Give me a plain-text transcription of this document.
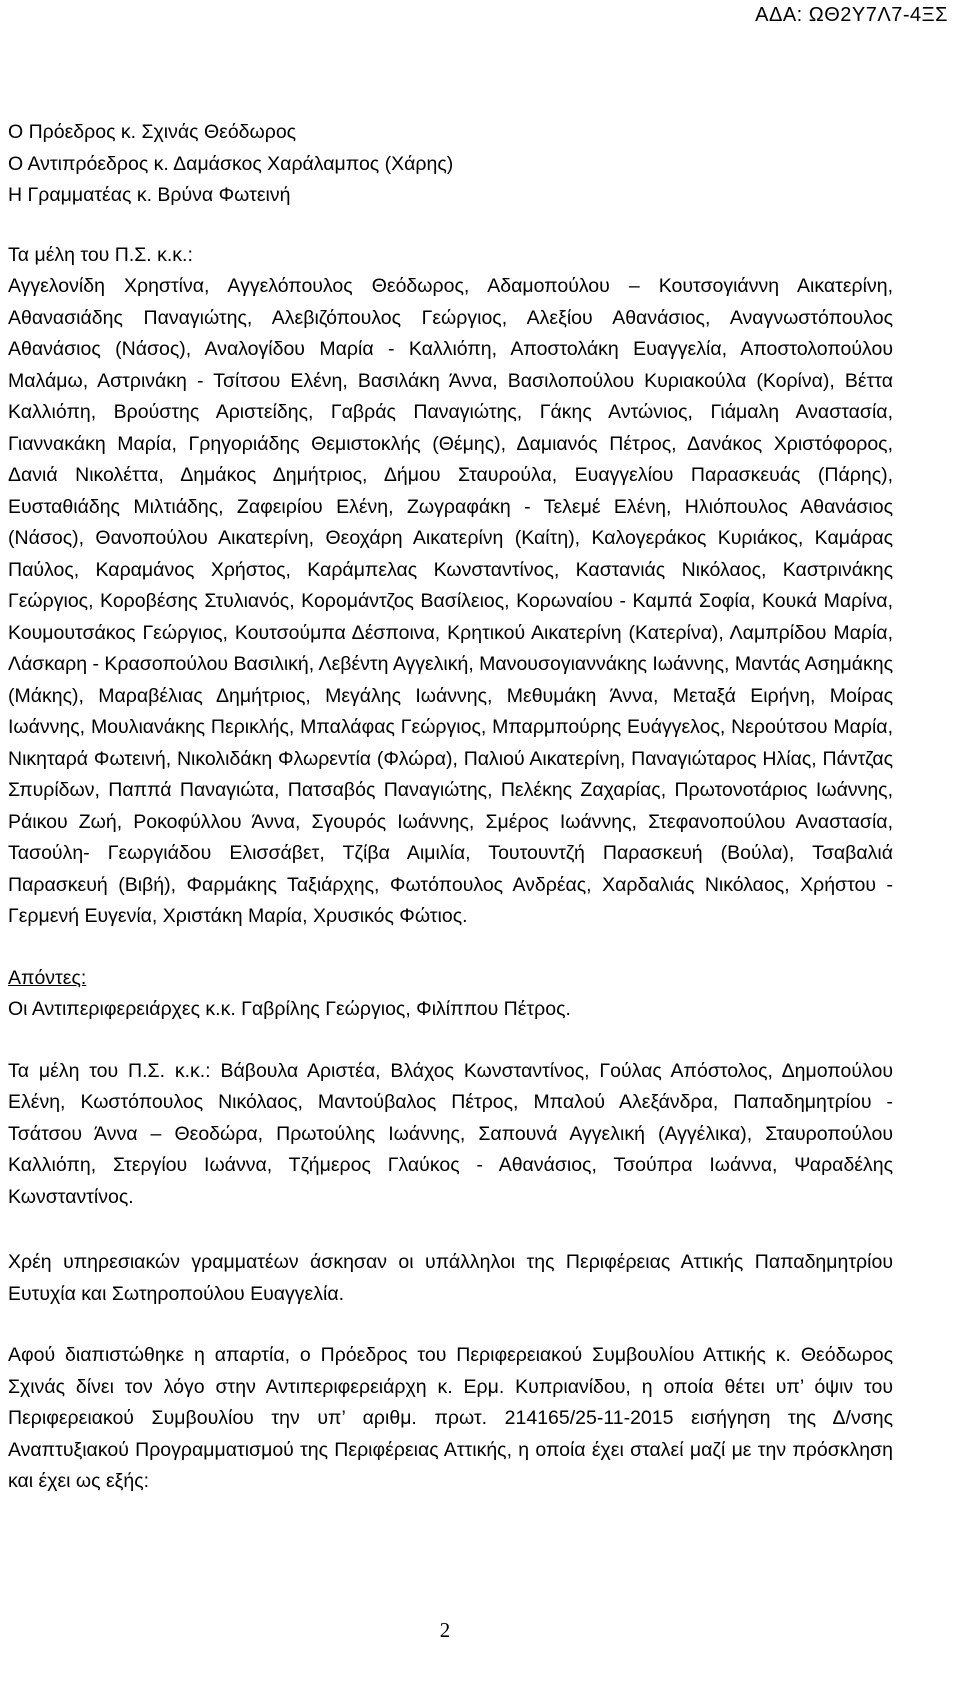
ΑΔΑ: ΩΘ2Υ7Λ7-4ΞΣ

Ο Πρόεδρος κ. Σχινάς Θεόδωρος

Ο Αντιπρόεδρος κ. Δαμάσκος Χαράλαμπος (Χάρης)

Η Γραμματέας κ. Βρύνα Φωτεινή

Τα μέλη του Π.Σ. κ.κ.:

Αγγελονίδη Χρηστίνα, Αγγελόπουλος Θεόδωρος, Αδαμοπούλου – Κουτσογιάννη Αικατερίνη, Αθανασιάδης Παναγιώτης, Αλεβιζόπουλος Γεώργιος, Αλεξίου Αθανάσιος, Αναγνωστόπουλος Αθανάσιος (Νάσος), Αναλογίδου Μαρία - Καλλιόπη, Αποστολάκη Ευαγγελία, Αποστολοπούλου Μαλάμω, Αστρινάκη - Τσίτσου Ελένη, Βασιλάκη Άννα, Βασιλοπούλου Κυριακούλα (Κορίνα), Βέττα Καλλιόπη, Βρούστης Αριστείδης, Γαβράς Παναγιώτης, Γάκης Αντώνιος, Γιάμαλη Αναστασία, Γιαννακάκη Μαρία, Γρηγοριάδης Θεμιστοκλής (Θέμης), Δαμιανός Πέτρος, Δανάκος Χριστόφορος, Δανιά Νικολέττα, Δημάκος Δημήτριος, Δήμου Σταυρούλα, Ευαγγελίου Παρασκευάς (Πάρης), Ευσταθιάδης Μιλτιάδης, Ζαφειρίου Ελένη, Ζωγραφάκη - Τελεμέ Ελένη, Ηλιόπουλος Αθανάσιος (Νάσος), Θανοπούλου Αικατερίνη, Θεοχάρη Αικατερίνη (Καίτη), Καλογεράκος Κυριάκος, Καμάρας Παύλος, Καραμάνος Χρήστος, Καράμπελας Κωνσταντίνος, Καστανιάς Νικόλαος, Καστρινάκης Γεώργιος, Κοροβέσης Στυλιανός, Κορομάντζος Βασίλειος, Κορωναίου - Καμπά Σοφία, Κουκά Μαρίνα, Κουμουτσάκος Γεώργιος, Κουτσούμπα Δέσποινα, Κρητικού Αικατερίνη (Κατερίνα), Λαμπρίδου Μαρία, Λάσκαρη - Κρασοπούλου Βασιλική, Λεβέντη Αγγελική, Μανουσογιαννάκης Ιωάννης, Μαντάς Ασημάκης (Μάκης), Μαραβέλιας Δημήτριος, Μεγάλης Ιωάννης, Μεθυμάκη Άννα, Μεταξά Ειρήνη, Μοίρας Ιωάννης, Μουλιανάκης Περικλής, Μπαλάφας Γεώργιος, Μπαρμπούρης Ευάγγελος, Νερούτσου Μαρία, Νικηταρά Φωτεινή, Νικολιδάκη Φλωρεντία (Φλώρα), Παλιού Αικατερίνη, Παναγιώταρος Ηλίας, Πάντζας Σπυρίδων, Παππά Παναγιώτα, Πατσαβός Παναγιώτης, Πελέκης Ζαχαρίας, Πρωτονοτάριος Ιωάννης, Ράικου Ζωή, Ροκοφύλλου Άννα, Σγουρός Ιωάννης, Σμέρος Ιωάννης, Στεφανοπούλου Αναστασία, Τασούλη- Γεωργιάδου Ελισσάβετ, Τζίβα Αιμιλία, Τουτουντζή Παρασκευή (Βούλα), Τσαβαλιά Παρασκευή (Βιβή), Φαρμάκης Ταξιάρχης, Φωτόπουλος Ανδρέας, Χαρδαλιάς Νικόλαος, Χρήστου - Γερμενή Ευγενία, Χριστάκη Μαρία, Χρυσικός Φώτιος.

Απόντες:

Οι Αντιπεριφερειάρχες κ.κ. Γαβρίλης Γεώργιος, Φιλίππου Πέτρος.

Τα μέλη του Π.Σ. κ.κ.: Βάβουλα Αριστέα, Βλάχος Κωνσταντίνος, Γούλας Απόστολος, Δημοπούλου Ελένη, Κωστόπουλος Νικόλαος, Μαντούβαλος Πέτρος, Μπαλού Αλεξάνδρα, Παπαδημητρίου - Τσάτσου Άννα – Θεοδώρα, Πρωτούλης Ιωάννης, Σαπουνά Αγγελική (Αγγέλικα), Σταυροπούλου Καλλιόπη, Στεργίου Ιωάννα, Τζήμερος Γλαύκος - Αθανάσιος, Τσούπρα Ιωάννα, Ψαραδέλης Κωνσταντίνος.

Χρέη υπηρεσιακών γραμματέων άσκησαν οι υπάλληλοι της Περιφέρειας Αττικής Παπαδημητρίου Ευτυχία και Σωτηροπούλου Ευαγγελία.

Αφού διαπιστώθηκε η απαρτία, ο Πρόεδρος του Περιφερειακού Συμβουλίου Αττικής κ. Θεόδωρος Σχινάς δίνει τον λόγο στην Αντιπεριφερειάρχη κ. Ερμ. Κυπριανίδου, η οποία θέτει υπ’ όψιν του Περιφερειακού Συμβουλίου την υπ’ αριθμ. πρωτ. 214165/25-11-2015 εισήγηση της Δ/νσης Αναπτυξιακού Προγραμματισμού της Περιφέρειας Αττικής, η οποία έχει σταλεί μαζί με την πρόσκληση και έχει ως εξής:

2
